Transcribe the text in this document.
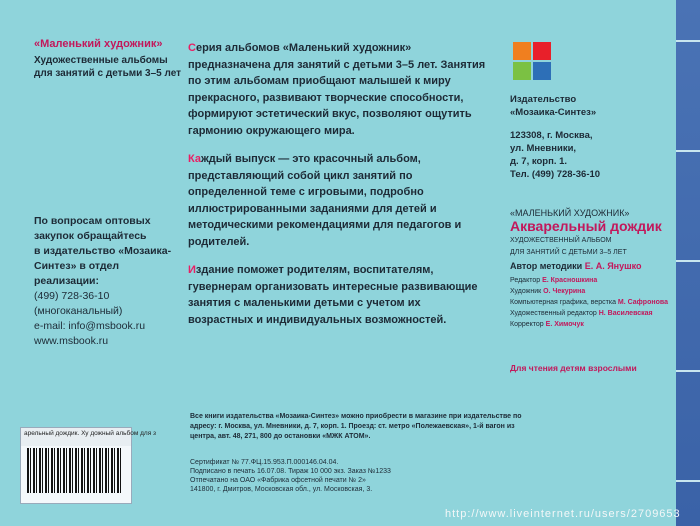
«Маленький художник»
Художественные альбомы для занятий с детьми 3–5 лет
По вопросам оптовых
закупок обращайтесь
в издательство «Мозаика-
Синтез» в отдел реализации:
(499) 728-36-10
(многоканальный)
e-mail: info@msbook.ru
www.msbook.ru

Серия альбомов «Маленький художник» предназначена для занятий с детьми 3–5 лет. Занятия по этим альбомам приобщают малышей к миру прекрасного, развивают творческие способности, формируют эстетический вкус, позволяют ощутить гармонию окружающего мира.

Каждый выпуск — это красочный альбом, представляющий собой цикл занятий по определенной теме с игровыми, подробно иллюстрированными заданиями для детей и методическими рекомендациями для педагогов и родителей.

Издание поможет родителям, воспитателям, гувернерам организовать интересные развивающие занятия с маленькими детьми с учетом их возрастных и индивидуальных возможностей.

Издательство
«Мозаика-Синтез»
123308, г. Москва,
ул. Мневники,
д. 7, корп. 1.
Тел. (499) 728-36-10
«МАЛЕНЬКИЙ ХУДОЖНИК»
Акварельный дождик
ХУДОЖЕСТВЕННЫЙ АЛЬБОМ
ДЛЯ ЗАНЯТИЙ С ДЕТЬМИ 3–5 ЛЕТ
Автор методики Е. А. Янушко
Редактор Е. Красношкина
Художник О. Чекурина
Компьютерная графика, верстка М. Сафронова
Художественный редактор Н. Василевская
Корректор Е. Химочук
Для чтения детям взрослыми
Все книги издательства «Мозаика-Синтез» можно приобрести в магазине при издательстве по адресу: г. Москва, ул. Мневники, д. 7, корп. 1. Проезд: ст. метро «Полежаевская», 1-й вагон из центра, авт. 48, 271, 800 до остановки «МЖК АТОМ».
Сертификат № 77.ФЦ.15.953.П.000146.04.04.
Подписано в печать 16.07.08. Тираж 10 000 экз. Заказ №1233
Отпечатано на ОАО «Фабрика офсетной печати № 2»
141800, г. Дмитров, Московская обл., ул. Московская, 3.
арельный дождик. Ху дожный альбом для з
http://www.liveinternet.ru/users/2709653
